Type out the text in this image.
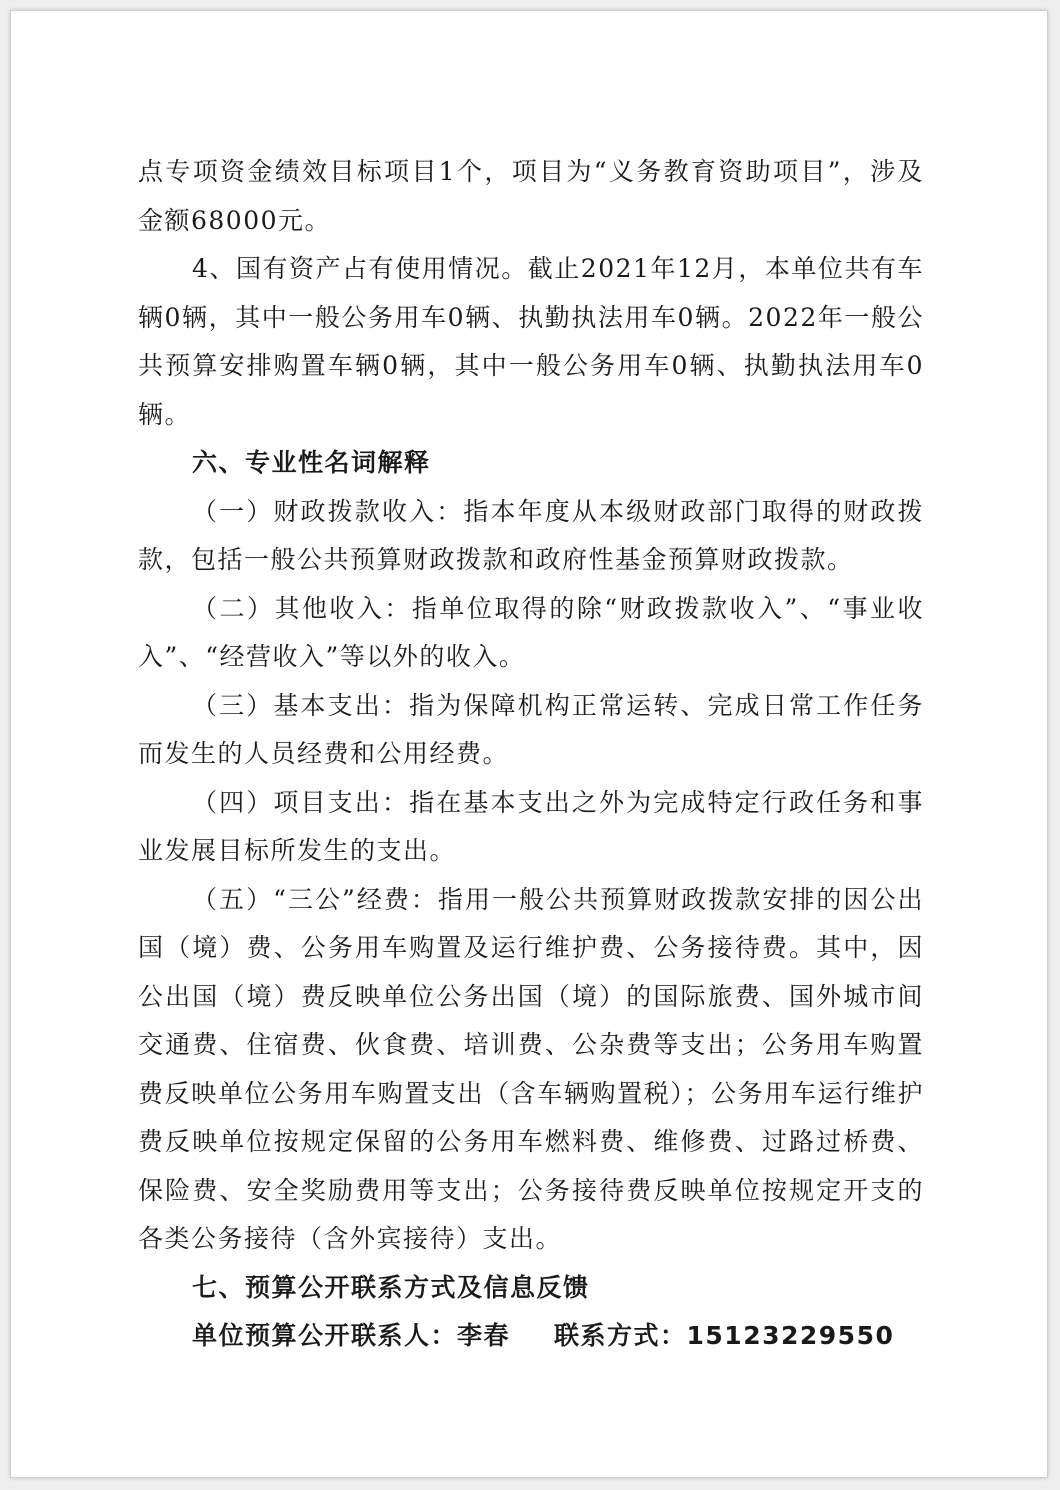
点专项资金绩效目标项目1个，项目为“义务教育资助项目”，涉及金额68000元。

4、国有资产占有使用情况。截止2021年12月，本单位共有车辆0辆，其中一般公务用车0辆、执勤执法用车0辆。2022年一般公共预算安排购置车辆0辆，其中一般公务用车0辆、执勤执法用车0辆。

六、专业性名词解释

（一）财政拨款收入：指本年度从本级财政部门取得的财政拨款，包括一般公共预算财政拨款和政府性基金预算财政拨款。

（二）其他收入：指单位取得的除“财政拨款收入”、“事业收入”、“经营收入”等以外的收入。

（三）基本支出：指为保障机构正常运转、完成日常工作任务而发生的人员经费和公用经费。

（四）项目支出：指在基本支出之外为完成特定行政任务和事业发展目标所发生的支出。

（五）“三公”经费：指用一般公共预算财政拨款安排的因公出国（境）费、公务用车购置及运行维护费、公务接待费。其中，因公出国（境）费反映单位公务出国（境）的国际旅费、国外城市间交通费、住宿费、伙食费、培训费、公杂费等支出；公务用车购置费反映单位公务用车购置支出（含车辆购置税）；公务用车运行维护费反映单位按规定保留的公务用车燃料费、维修费、过路过桥费、保险费、安全奖励费用等支出；公务接待费反映单位按规定开支的各类公务接待（含外宾接待）支出。

七、预算公开联系方式及信息反馈

单位预算公开联系人：李春 联系方式：15123229550
